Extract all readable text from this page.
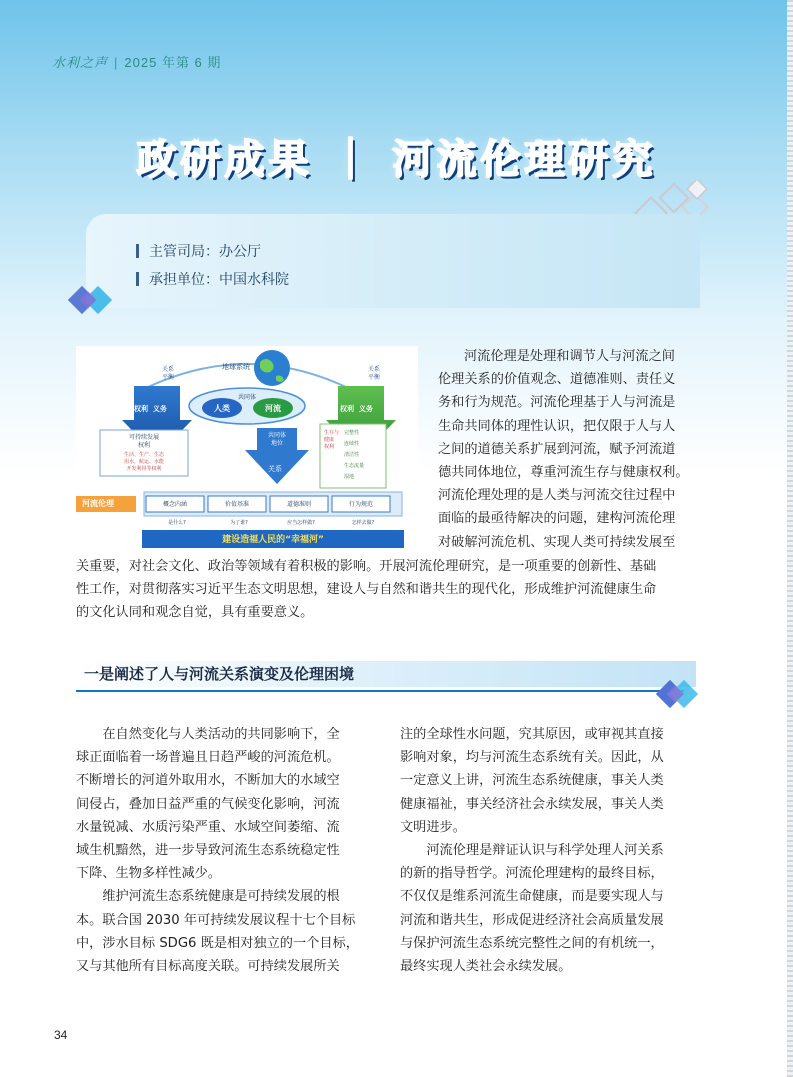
水利之声 | 2025 年第 6 期
政研成果 ｜ 河流伦理研究
主管司局：办公厅
承担单位：中国水科院
地球系统
共同体
人类	河流
关系
平衡
关系
平衡
权利  义务	权利  义务
可持续发展
权利
生活、生产、生态
用水，航运、水能
开发利用等权利
共同体
地位
关系
生存与
健康
权利
完整性
连续性
清洁性
生态流量
湿地
河流伦理	概念内涵	价值基准	道德准则	行为规范
是什么?	为了谁?	应当怎样做?	怎样去做?
建设造福人民的“幸福河”
河流伦理是处理和调节人与河流之间
伦理关系的价值观念、道德准则、责任义
务和行为规范。河流伦理基于人与河流是
生命共同体的理性认识，把仅限于人与人
之间的道德关系扩展到河流，赋予河流道
德共同体地位，尊重河流生存与健康权利。
河流伦理处理的是人类与河流交往过程中
面临的最亟待解决的问题，建构河流伦理
对破解河流危机、实现人类可持续发展至
关重要，对社会文化、政治等领域有着积极的影响。开展河流伦理研究，是一项重要的创新性、基础
性工作，对贯彻落实习近平生态文明思想，建设人与自然和谐共生的现代化，形成维护河流健康生命
的文化认同和观念自觉，具有重要意义。
一是阐述了人与河流关系演变及伦理困境
　　在自然变化与人类活动的共同影响下，全
球正面临着一场普遍且日趋严峻的河流危机。
不断增长的河道外取用水，不断加大的水域空
间侵占，叠加日益严重的气候变化影响，河流
水量锐减、水质污染严重、水域空间萎缩、流
域生机黯然，进一步导致河流生态系统稳定性
下降、生物多样性减少。
　　维护河流生态系统健康是可持续发展的根
本。联合国 2030 年可持续发展议程十七个目标
中，涉水目标 SDG6 既是相对独立的一个目标，
又与其他所有目标高度关联。可持续发展所关
注的全球性水问题，究其原因，或审视其直接
影响对象，均与河流生态系统有关。因此，从
一定意义上讲，河流生态系统健康，事关人类
健康福祉，事关经济社会永续发展，事关人类
文明进步。
　　河流伦理是辩证认识与科学处理人河关系
的新的指导哲学。河流伦理建构的最终目标，
不仅仅是维系河流生命健康，而是要实现人与
河流和谐共生，形成促进经济社会高质量发展
与保护河流生态系统完整性之间的有机统一，
最终实现人类社会永续发展。
34
